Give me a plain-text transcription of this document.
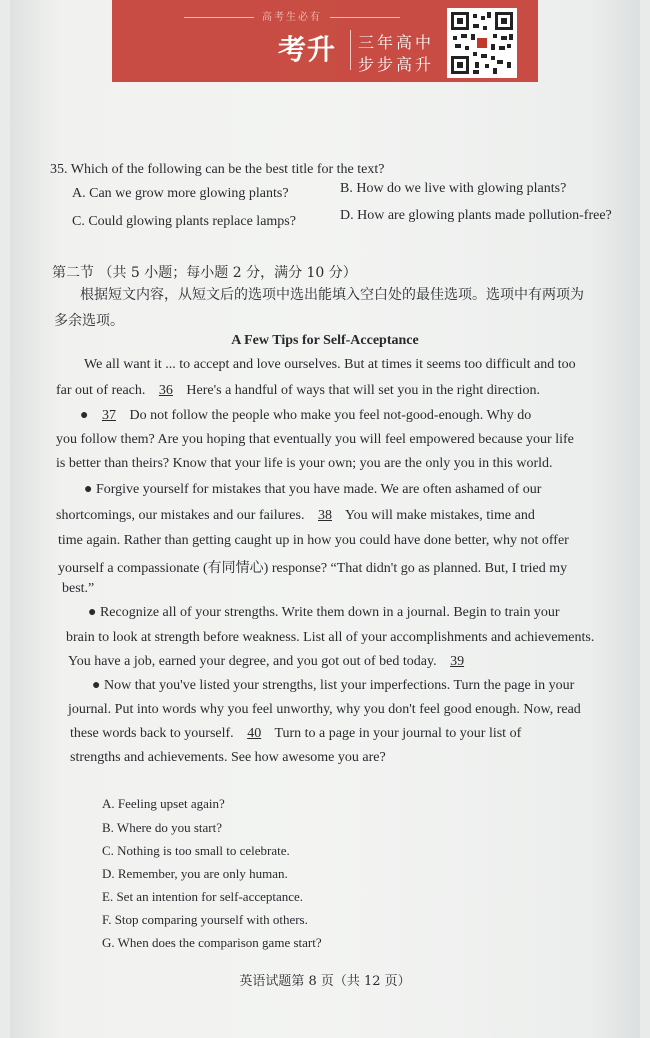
高考生必有
考升 三年高中
步步高升
35. Which of the following can be the best title for the text?
A. Can we grow more glowing plants?	B. How do we live with glowing plants?
C. Could glowing plants replace lamps?	D. How are glowing plants made pollution-free?
第二节 （共 5 小题；每小题 2 分，满分 10 分）
根据短文内容，从短文后的选项中选出能填入空白处的最佳选项。选项中有两项为
多余选项。
A Few Tips for Self-Acceptance
We all want it ... to accept and love ourselves. But at times it seems too difficult and too
far out of reach. 36 Here's a handful of ways that will set you in the right direction.
● 37 Do not follow the people who make you feel not-good-enough. Why do
you follow them? Are you hoping that eventually you will feel empowered because your life
is better than theirs? Know that your life is your own; you are the only you in this world.
● Forgive yourself for mistakes that you have made. We are often ashamed of our
shortcomings, our mistakes and our failures. 38 You will make mistakes, time and
time again. Rather than getting caught up in how you could have done better, why not offer
yourself a compassionate (有同情心) response? “That didn't go as planned. But, I tried my
best.”
● Recognize all of your strengths. Write them down in a journal. Begin to train your
brain to look at strength before weakness. List all of your accomplishments and achievements.
You have a job, earned your degree, and you got out of bed today. 39
● Now that you've listed your strengths, list your imperfections. Turn the page in your
journal. Put into words why you feel unworthy, why you don't feel good enough. Now, read
these words back to yourself. 40 Turn to a page in your journal to your list of
strengths and achievements. See how awesome you are?
A. Feeling upset again?
B. Where do you start?
C. Nothing is too small to celebrate.
D. Remember, you are only human.
E. Set an intention for self-acceptance.
F. Stop comparing yourself with others.
G. When does the comparison game start?
英语试题第 8 页（共 12 页）
